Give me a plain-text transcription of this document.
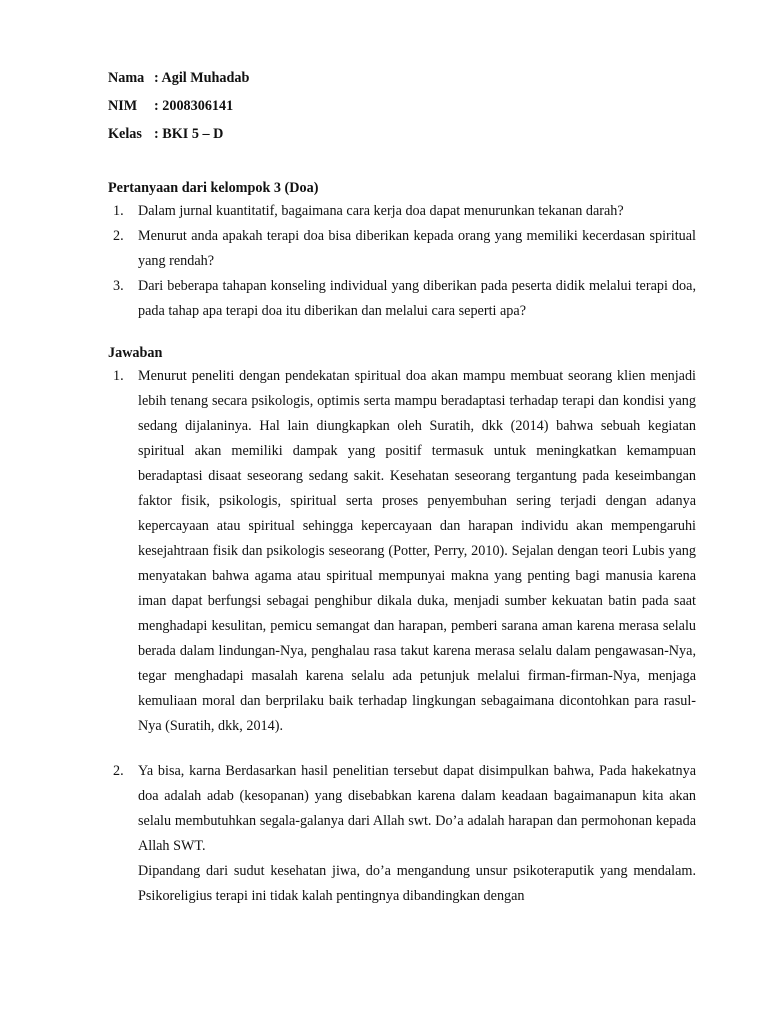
Nama : Agil Muhadab
NIM : 2008306141
Kelas : BKI 5 – D

Pertanyaan dari kelompok 3 (Doa)

1. Dalam jurnal kuantitatif, bagaimana cara kerja doa dapat menurunkan tekanan darah?
2. Menurut anda apakah terapi doa bisa diberikan kepada orang yang memiliki kecerdasan spiritual yang rendah?
3. Dari beberapa tahapan konseling individual yang diberikan pada peserta didik melalui terapi doa, pada tahap apa terapi doa itu diberikan dan melalui cara seperti apa?

Jawaban

1. Menurut peneliti dengan pendekatan spiritual doa akan mampu membuat seorang klien menjadi lebih tenang secara psikologis, optimis serta mampu beradaptasi terhadap terapi dan kondisi yang sedang dijalaninya. Hal lain diungkapkan oleh Suratih, dkk (2014) bahwa sebuah kegiatan spiritual akan memiliki dampak yang positif termasuk untuk meningkatkan kemampuan beradaptasi disaat seseorang sedang sakit. Kesehatan seseorang tergantung pada keseimbangan faktor fisik, psikologis, spiritual serta proses penyembuhan sering terjadi dengan adanya kepercayaan atau spiritual sehingga kepercayaan dan harapan individu akan mempengaruhi kesejahtraan fisik dan psikologis seseorang (Potter, Perry, 2010). Sejalan dengan teori Lubis yang menyatakan bahwa agama atau spiritual mempunyai makna yang penting bagi manusia karena iman dapat berfungsi sebagai penghibur dikala duka, menjadi sumber kekuatan batin pada saat menghadapi kesulitan, pemicu semangat dan harapan, pemberi sarana aman karena merasa selalu berada dalam lindungan-Nya, penghalau rasa takut karena merasa selalu dalam pengawasan-Nya, tegar menghadapi masalah karena selalu ada petunjuk melalui firman-firman-Nya, menjaga kemuliaan moral dan berprilaku baik terhadap lingkungan sebagaimana dicontohkan para rasul-Nya (Suratih, dkk, 2014).
2. Ya bisa, karna Berdasarkan hasil penelitian tersebut dapat disimpulkan bahwa, Pada hakekatnya doa adalah adab (kesopanan) yang disebabkan karena dalam keadaan bagaimanapun kita akan selalu membutuhkan segala-galanya dari Allah swt. Do’a adalah harapan dan permohonan kepada Allah SWT.

Dipandang dari sudut kesehatan jiwa, do’a mengandung unsur psikoteraputik yang mendalam. Psikoreligius terapi ini tidak kalah pentingnya dibandingkan dengan
